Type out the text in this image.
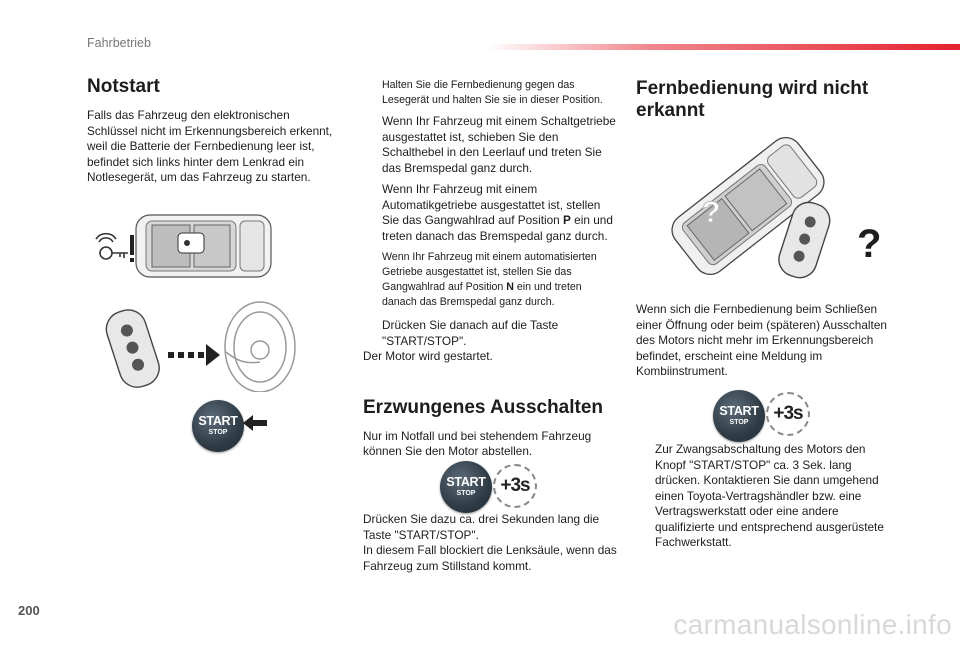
Fahrbetrieb
Notstart

Falls das Fahrzeug den elektronischen Schlüssel nicht im Erkennungsbereich erkennt, weil die Batterie der Fernbedienung leer ist, befindet sich links hinter dem Lenkrad ein Notlesegerät, um das Fahrzeug zu starten.

START
STOP
Halten Sie die Fernbedienung gegen das Lesegerät und halten Sie sie in dieser Position.
Wenn Ihr Fahrzeug mit einem Schaltgetriebe ausgestattet ist, schieben Sie den Schalthebel in den Leerlauf und treten Sie das Bremspedal ganz durch.
Wenn Ihr Fahrzeug mit einem Automatikgetriebe ausgestattet ist, stellen Sie das Gangwahlrad auf Position P ein und treten danach das Bremspedal ganz durch.
Wenn Ihr Fahrzeug mit einem automatisierten Getriebe ausgestattet ist, stellen Sie das Gangwahlrad auf Position N ein und treten danach das Bremspedal ganz durch.
Drücken Sie danach auf die Taste "START/STOP".

Der Motor wird gestartet.

Erzwungenes Ausschalten

Nur im Notfall und bei stehendem Fahrzeug können Sie den Motor abstellen.

START
STOP	+3s

Drücken Sie dazu ca. drei Sekunden lang die Taste "START/STOP".

In diesem Fall blockiert die Lenksäule, wenn das Fahrzeug zum Stillstand kommt.

Fernbedienung wird nicht erkannt
?
?

Wenn sich die Fernbedienung beim Schließen einer Öffnung oder beim (späteren) Ausschalten des Motors nicht mehr im Erkennungsbereich befindet, erscheint eine Meldung im Kombiinstrument.

START
STOP	+3s
Zur Zwangsabschaltung des Motors den Knopf "START/STOP" ca. 3 Sek. lang drücken. Kontaktieren Sie dann umgehend einen Toyota-Vertragshändler bzw. eine Vertragswerkstatt oder eine andere qualifizierte und entsprechend ausgerüstete Fachwerkstatt.
200	carmanualsonline.info
